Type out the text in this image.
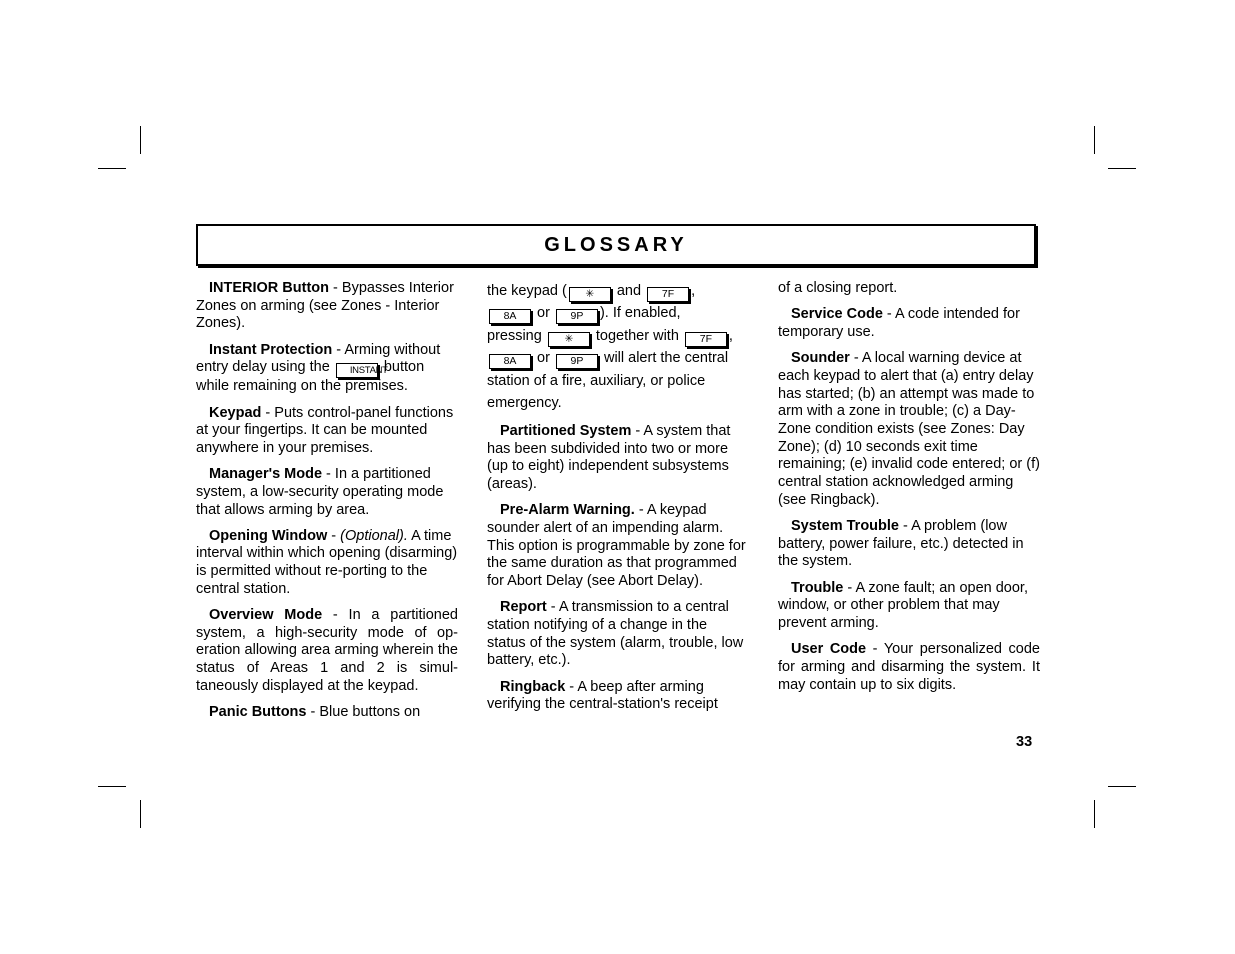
GLOSSARY

INTERIOR Button - Bypasses Interior Zones on arming (see Zones - Interior Zones).

Instant Protection - Arming without entry delay using the INSTANT button while remaining on the premises.

Keypad - Puts control-panel functions at your fingertips. It can be mounted anywhere in your premises.

Manager's Mode - In a partitioned system, a low-security operating mode that allows arming by area.

Opening Window - (Optional). A time interval within which opening (disarming) is permitted without re-porting to the central station.

Overview Mode - In a partitioned system, a high-security mode of op-eration allowing area arming wherein the status of Areas 1 and 2 is simul-taneously displayed at the keypad.

Panic Buttons - Blue buttons on

the keypad ( ✳ and 7F ,
8A or 9P ). If enabled,
pressing ✳ together with 7F ,
8A or 9P will alert the central station of a fire, auxiliary, or police emergency.

Partitioned System - A system that has been subdivided into two or more (up to eight) independent subsystems (areas).

Pre-Alarm Warning. - A keypad sounder alert of an impending alarm. This option is programmable by zone for the same duration as that programmed for Abort Delay (see Abort Delay).

Report - A transmission to a central station notifying of a change in the status of the system (alarm, trouble, low battery, etc.).

Ringback - A beep after arming verifying the central-station's receipt

of a closing report.

Service Code - A code intended for temporary use.

Sounder - A local warning device at each keypad to alert that (a) entry delay has started; (b) an attempt was made to arm with a zone in trouble; (c) a Day-Zone condition exists (see Zones: Day Zone); (d) 10 seconds exit time remaining; (e) invalid code entered; or (f) central station acknowledged arming (see Ringback).

System Trouble - A problem (low battery, power failure, etc.) detected in the system.

Trouble - A zone fault; an open door, window, or other problem that may prevent arming.

User Code - Your personalized code for arming and disarming the system. It may contain up to six digits.

33
